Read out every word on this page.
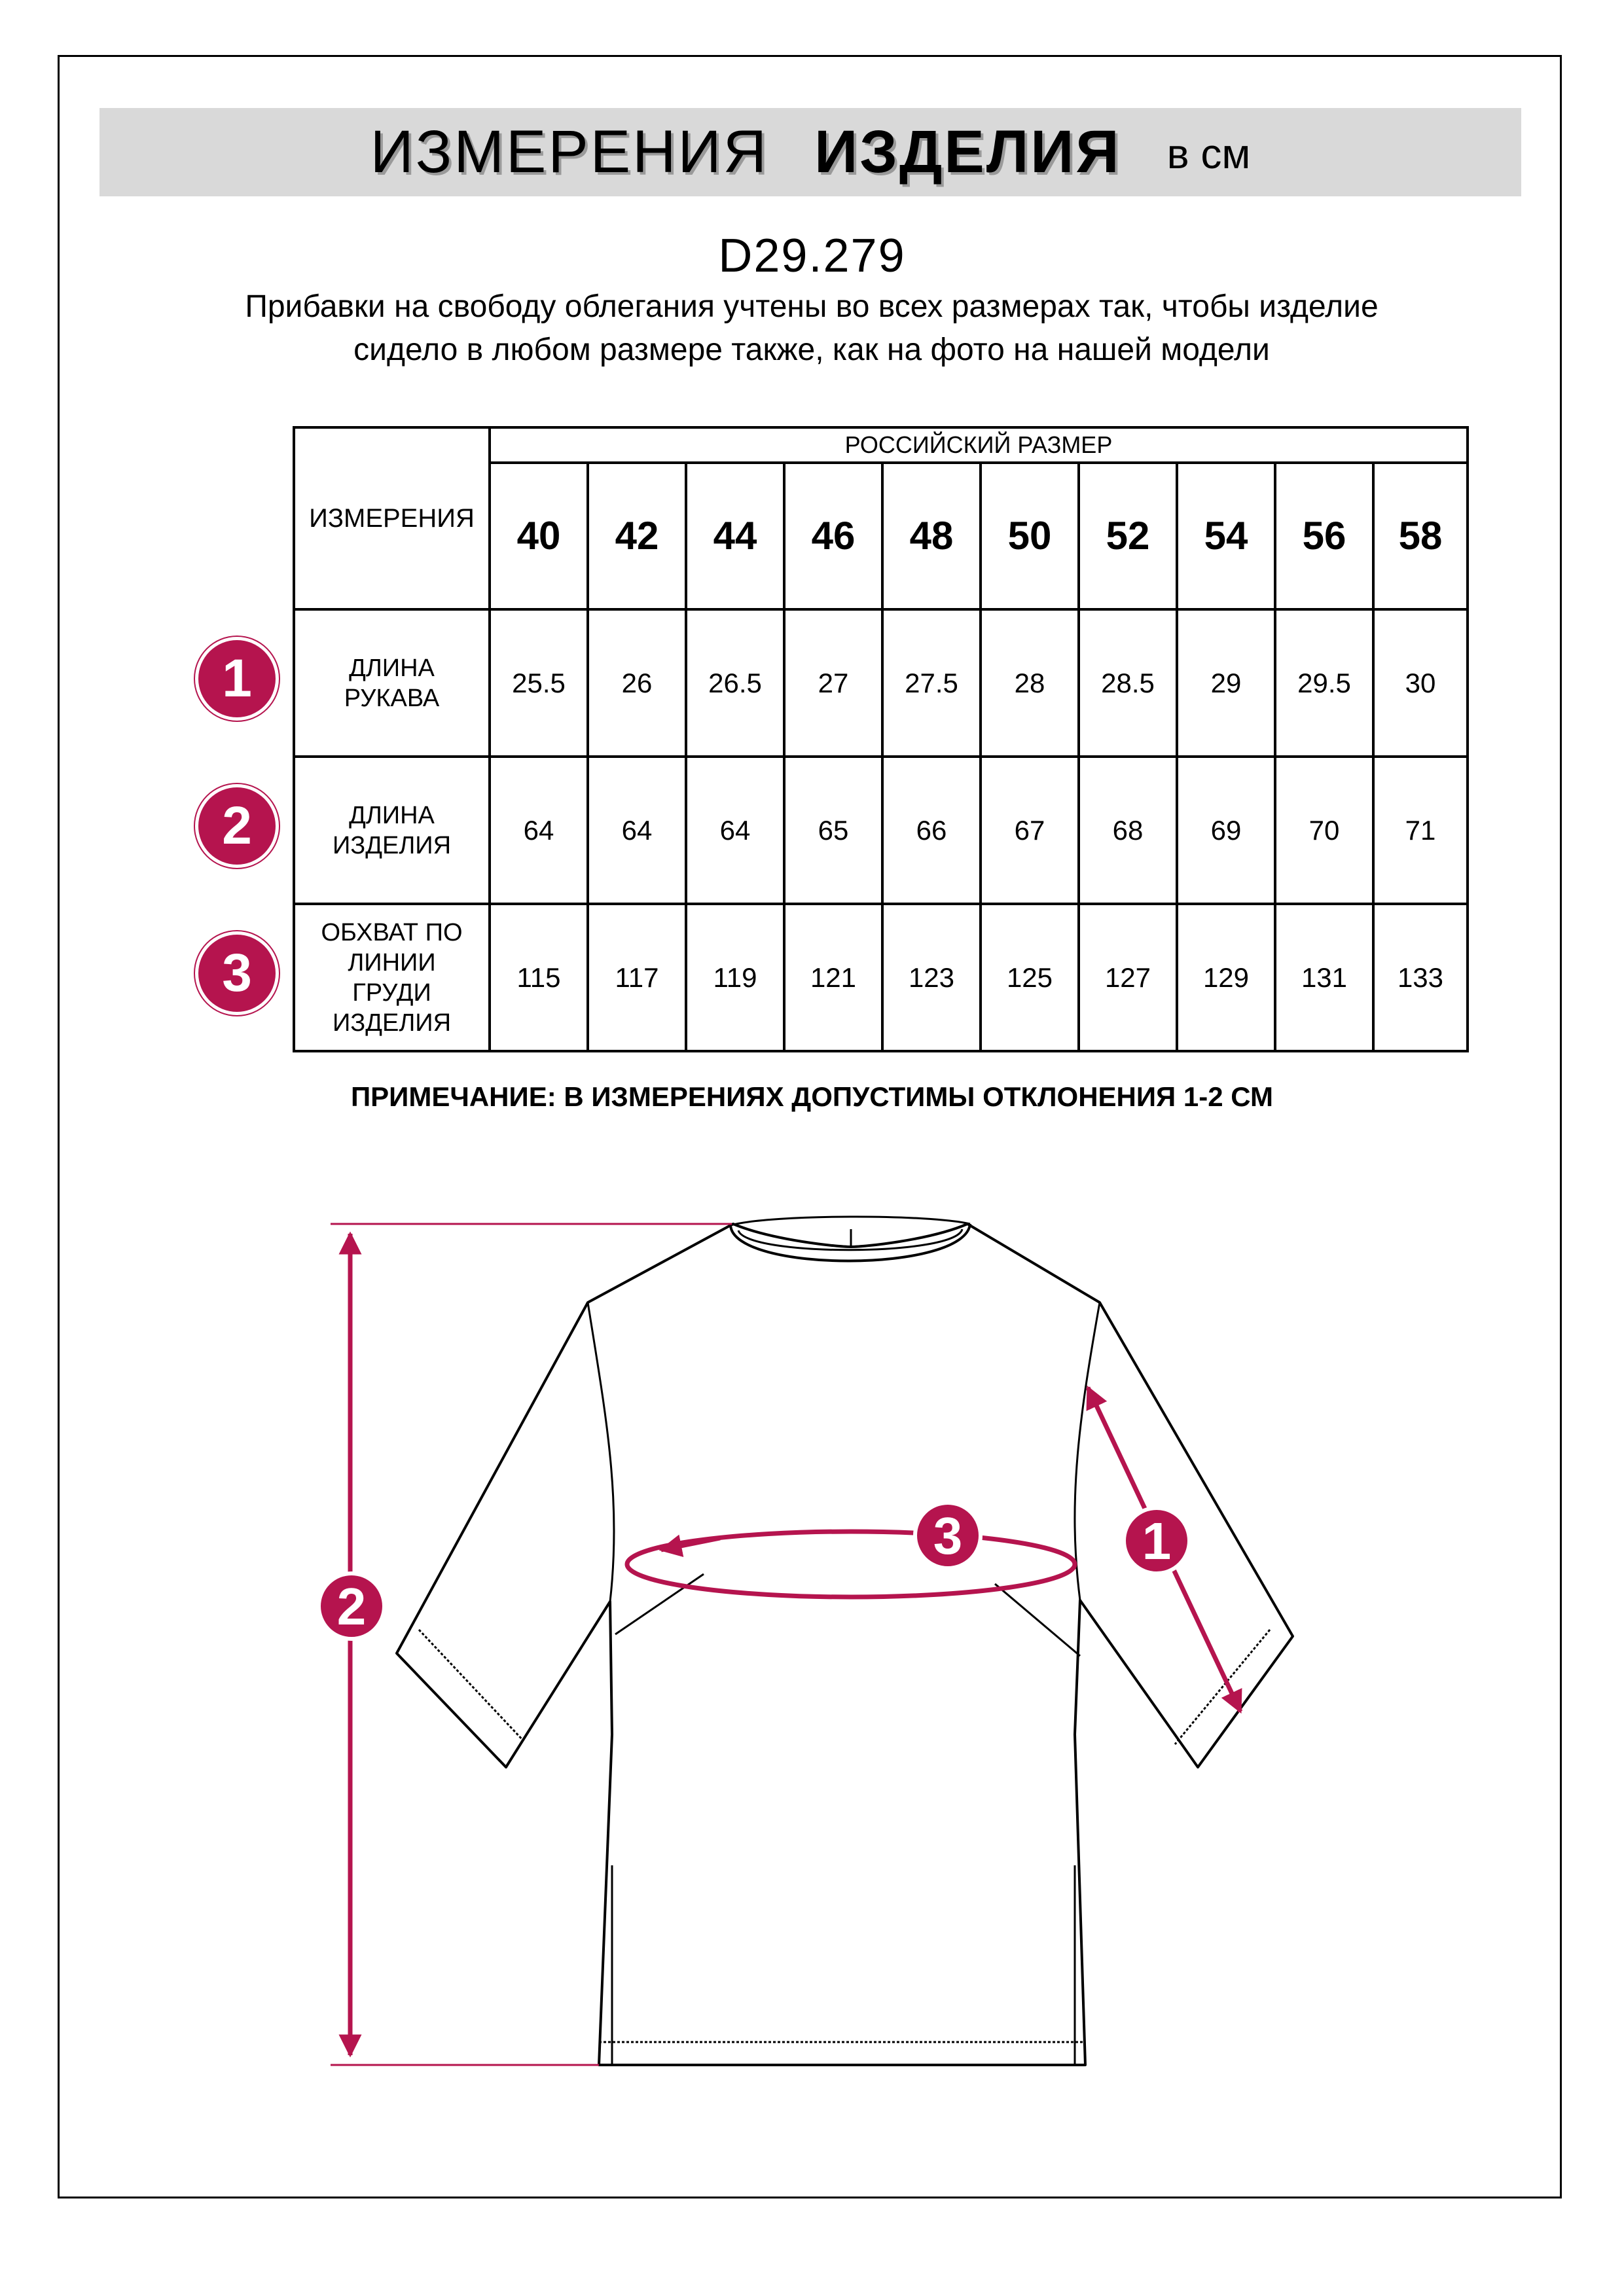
ИЗМЕРЕНИЯ ИЗДЕЛИЯ в см
D29.279
Прибавки на свободу облегания учтены во всех размерах так, чтобы изделие сидело в любом размере также, как на фото на нашей модели
ИЗМЕРЕНИЯ	РОССИЙСКИЙ РАЗМЕР									
	40	42	44	46	48	50	52	54	56	58

ДЛИНА
РУКАВА	25.5	26	26.5	27	27.5	28	28.5	29	29.5	30

ДЛИНА
ИЗДЕЛИЯ	64	64	64	65	66	67	68	69	70	71

ОБХВАТ ПО
ЛИНИИ
ГРУДИ
ИЗДЕЛИЯ	115	117	119	121	123	125	127	129	131	133
1
2
3
ПРИМЕЧАНИЕ: В ИЗМЕРЕНИЯХ ДОПУСТИМЫ ОТКЛОНЕНИЯ 1-2 СМ
1
2
3
